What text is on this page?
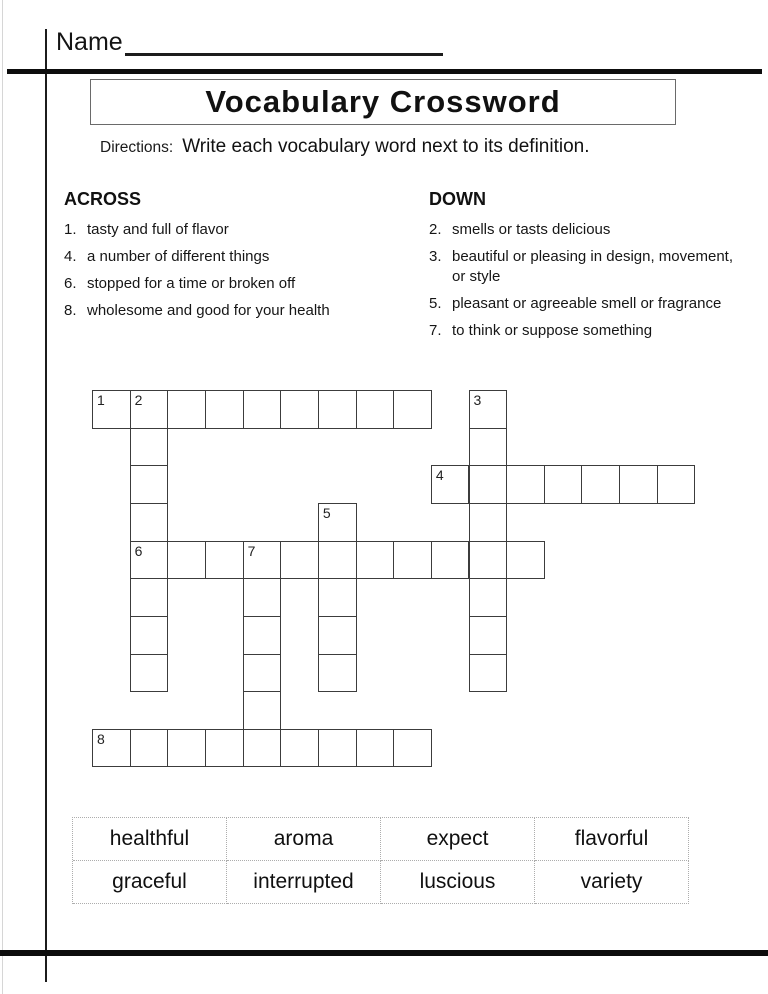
Name
Vocabulary Crossword
Directions: Write each vocabulary word next to its definition.
ACROSS
1. tasty and full of flavor
4. a number of different things
6. stopped for a time or broken off
8. wholesome and good for your health
DOWN
2. smells or tasts delicious
3. beautiful or pleasing in design, movement,
or style
5. pleasant or agreeable smell or fragrance
7. to think or suppose something
1 2	3
4
5
6	7
8
healthful	aroma	expect	flavorful
graceful	interrupted	luscious	variety
